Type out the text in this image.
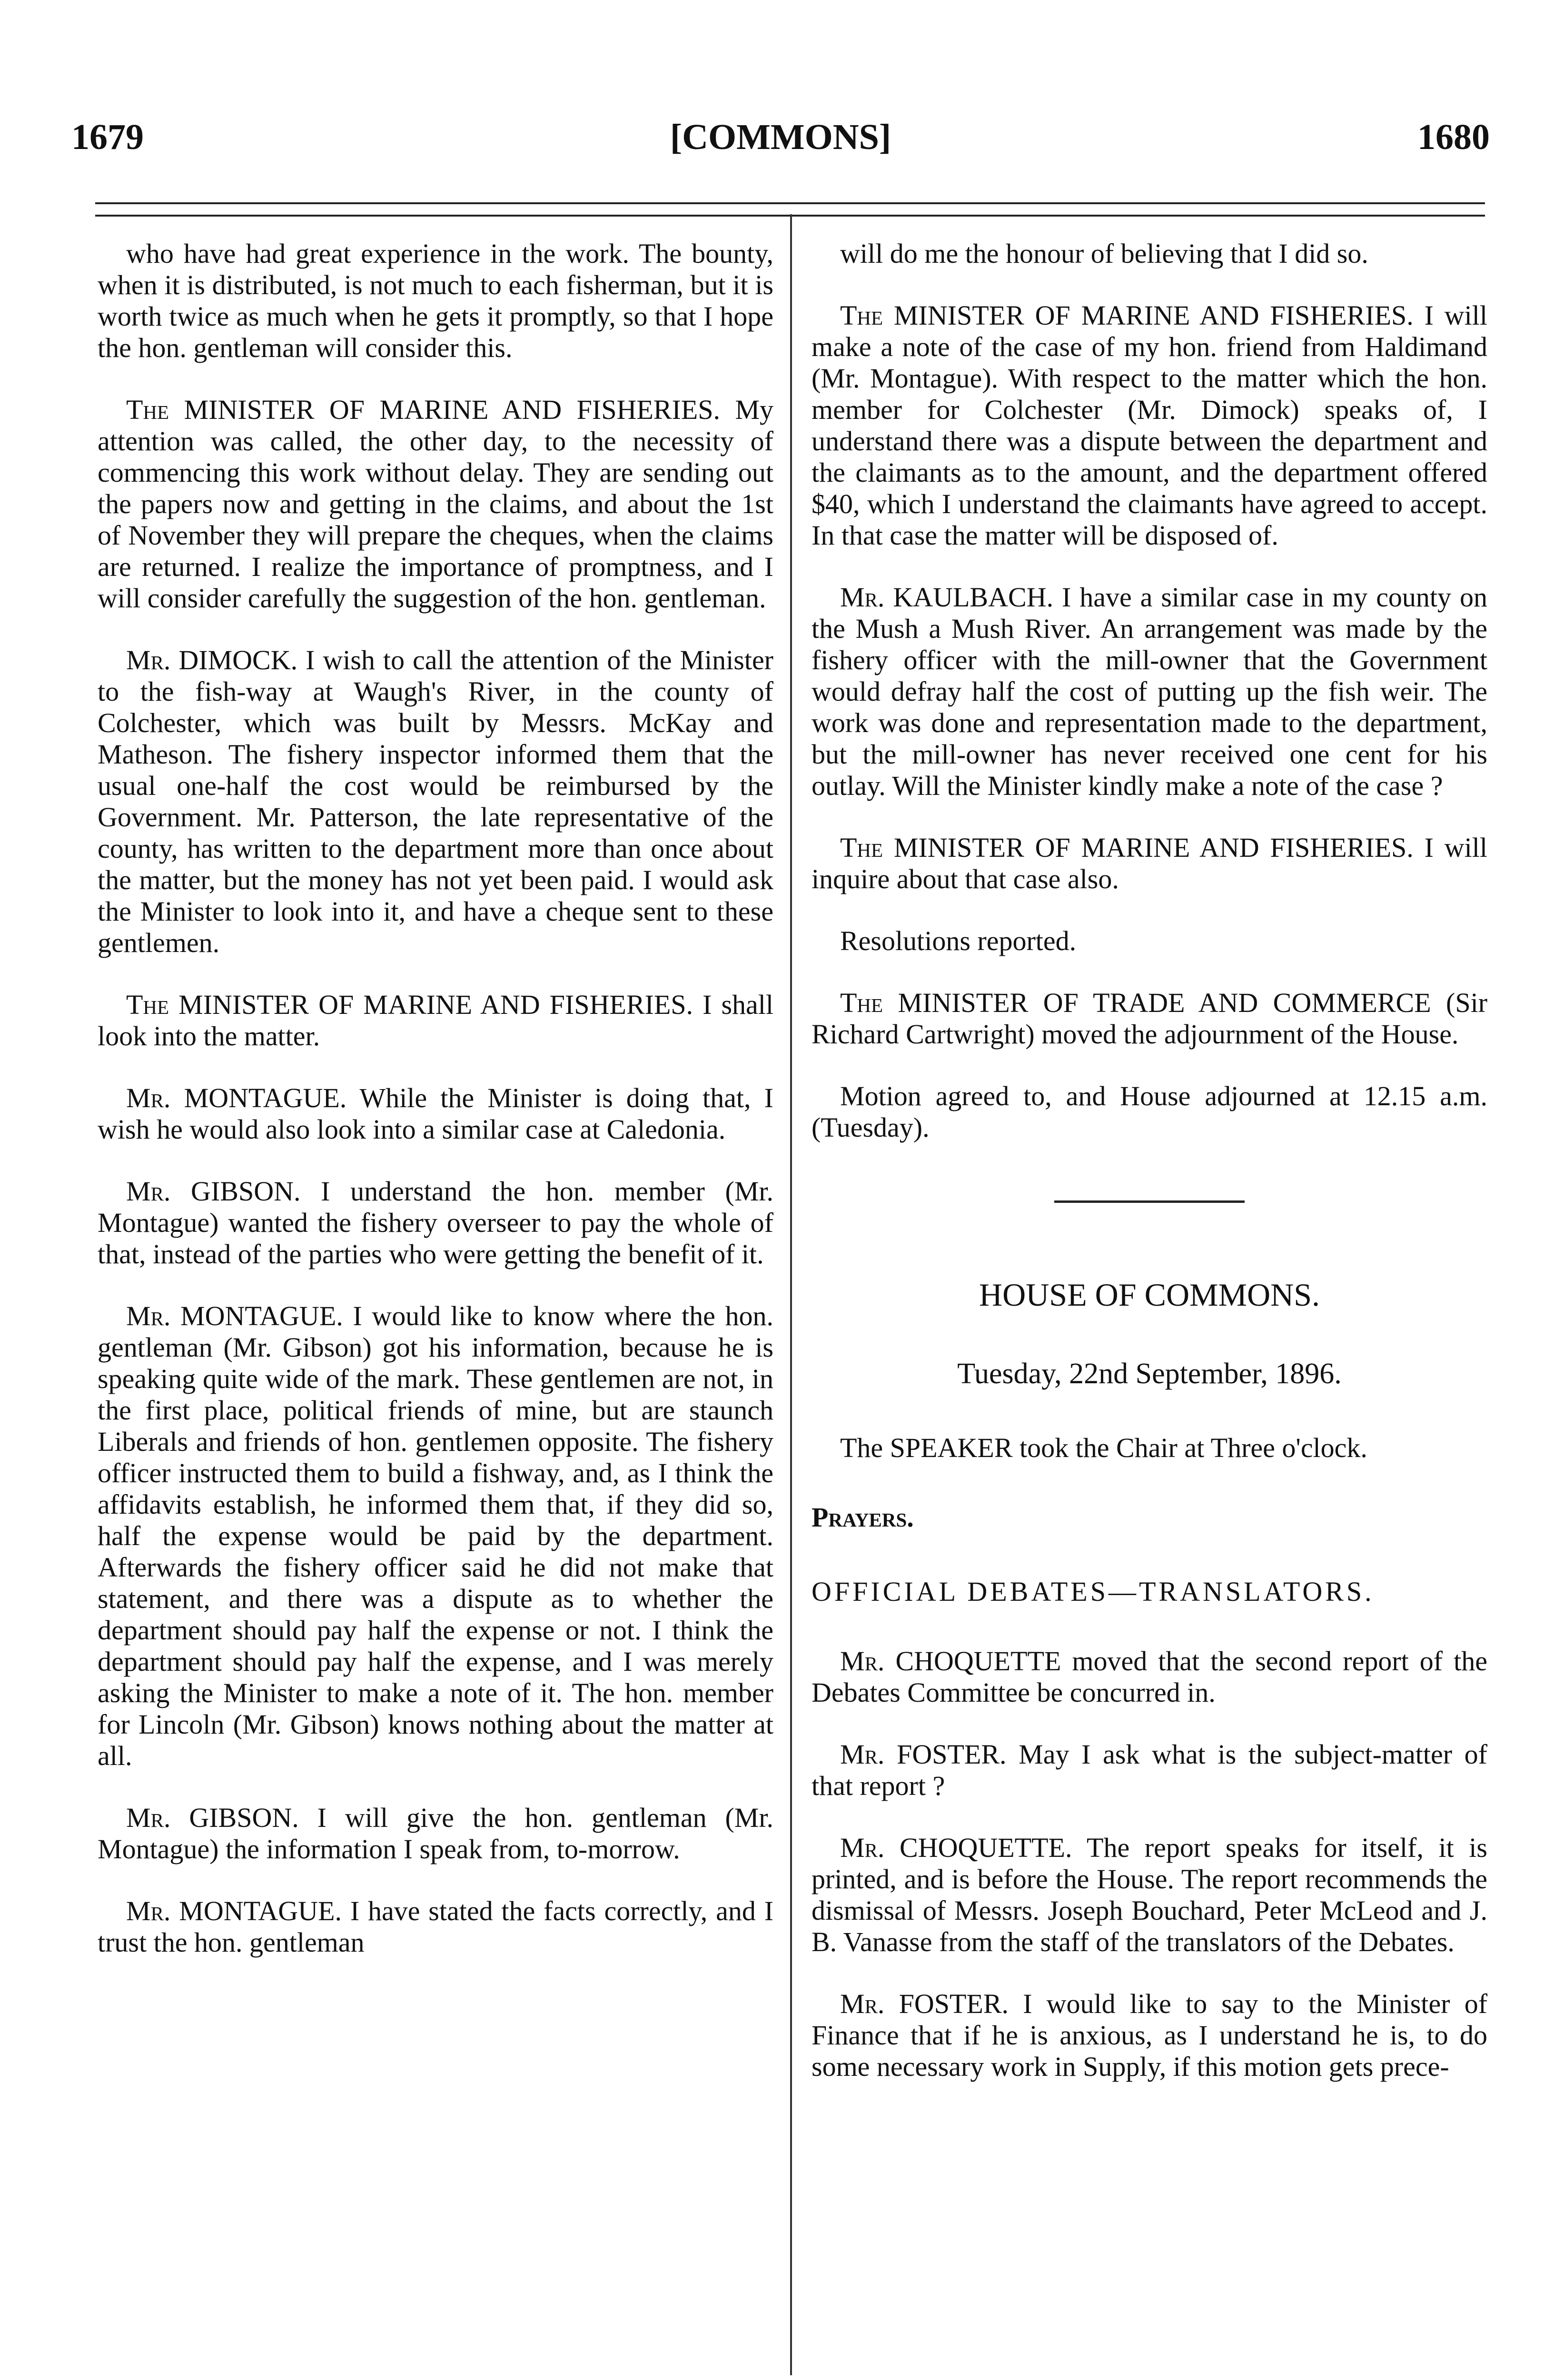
1679	[COMMONS]	1680

who have had great experience in the work. The bounty, when it is distributed, is not much to each fisherman, but it is worth twice as much when he gets it promptly, so that I hope the hon. gentleman will consider this.

The MINISTER OF MARINE AND FISHERIES. My attention was called, the other day, to the necessity of commencing this work without delay. They are sending out the papers now and getting in the claims, and about the 1st of November they will prepare the cheques, when the claims are returned. I realize the importance of promptness, and I will consider carefully the suggestion of the hon. gentleman.

Mr. DIMOCK. I wish to call the attention of the Minister to the fish-way at Waugh's River, in the county of Colchester, which was built by Messrs. McKay and Matheson. The fishery inspector informed them that the usual one-half the cost would be reimbursed by the Government. Mr. Patterson, the late representative of the county, has written to the department more than once about the matter, but the money has not yet been paid. I would ask the Minister to look into it, and have a cheque sent to these gentlemen.

The MINISTER OF MARINE AND FISHERIES. I shall look into the matter.

Mr. MONTAGUE. While the Minister is doing that, I wish he would also look into a similar case at Caledonia.

Mr. GIBSON. I understand the hon. member (Mr. Montague) wanted the fishery overseer to pay the whole of that, instead of the parties who were getting the benefit of it.

Mr. MONTAGUE. I would like to know where the hon. gentleman (Mr. Gibson) got his information, because he is speaking quite wide of the mark. These gentlemen are not, in the first place, political friends of mine, but are staunch Liberals and friends of hon. gentlemen opposite. The fishery officer instructed them to build a fishway, and, as I think the affidavits establish, he informed them that, if they did so, half the expense would be paid by the department. Afterwards the fishery officer said he did not make that statement, and there was a dispute as to whether the department should pay half the expense or not. I think the department should pay half the expense, and I was merely asking the Minister to make a note of it. The hon. member for Lincoln (Mr. Gibson) knows nothing about the matter at all.

Mr. GIBSON. I will give the hon. gentleman (Mr. Montague) the information I speak from, to-morrow.

Mr. MONTAGUE. I have stated the facts correctly, and I trust the hon. gentleman

will do me the honour of believing that I did so.

The MINISTER OF MARINE AND FISHERIES. I will make a note of the case of my hon. friend from Haldimand (Mr. Montague). With respect to the matter which the hon. member for Colchester (Mr. Dimock) speaks of, I understand there was a dispute between the department and the claimants as to the amount, and the department offered $40, which I understand the claimants have agreed to accept. In that case the matter will be disposed of.

Mr. KAULBACH. I have a similar case in my county on the Mush a Mush River. An arrangement was made by the fishery officer with the mill-owner that the Government would defray half the cost of putting up the fish weir. The work was done and representation made to the department, but the mill-owner has never received one cent for his outlay. Will the Minister kindly make a note of the case ?

The MINISTER OF MARINE AND FISHERIES. I will inquire about that case also.

Resolutions reported.

The MINISTER OF TRADE AND COMMERCE (Sir Richard Cartwright) moved the adjournment of the House.

Motion agreed to, and House adjourned at 12.15 a.m. (Tuesday).

HOUSE OF COMMONS.

Tuesday, 22nd September, 1896.

The SPEAKER took the Chair at Three o'clock.

Prayers.

OFFICIAL DEBATES—TRANSLATORS.

Mr. CHOQUETTE moved that the second report of the Debates Committee be concurred in.

Mr. FOSTER. May I ask what is the subject-matter of that report ?

Mr. CHOQUETTE. The report speaks for itself, it is printed, and is before the House. The report recommends the dismissal of Messrs. Joseph Bouchard, Peter McLeod and J. B. Vanasse from the staff of the translators of the Debates.

Mr. FOSTER. I would like to say to the Minister of Finance that if he is anxious, as I understand he is, to do some necessary work in Supply, if this motion gets prece-
